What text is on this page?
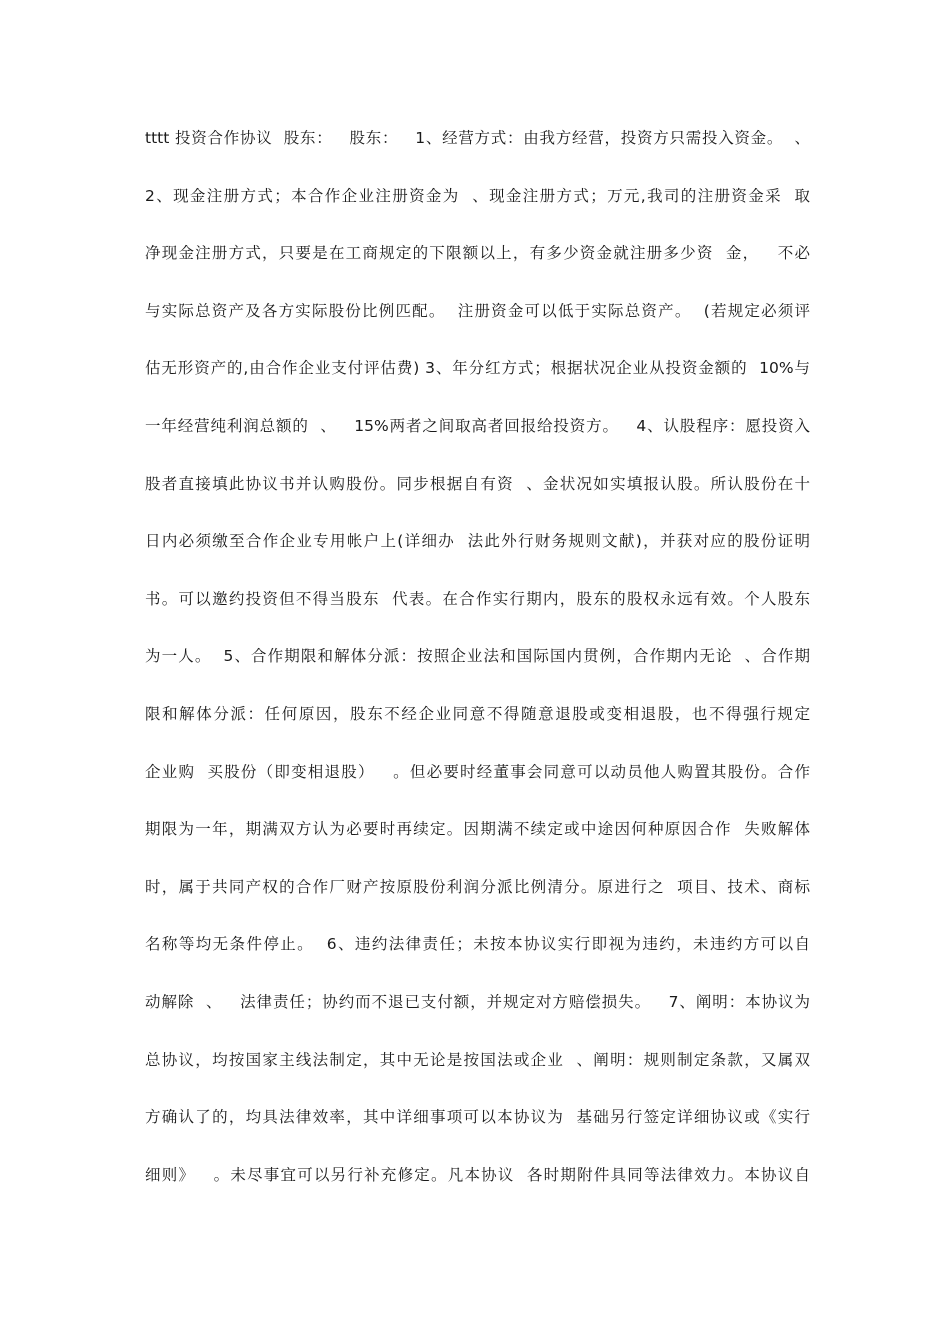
tttt 投资合作协议  股东：   股东：   1、经营方式：由我方经营，投资方只需投入资金。  、
2、现金注册方式；本合作企业注册资金为  、现金注册方式；万元,我司的注册资金采  取
净现金注册方式，只要是在工商规定的下限额以上，有多少资金就注册多少资  金，   不必
与实际总资产及各方实际股份比例匹配。  注册资金可以低于实际总资产。  (若规定必须评
估无形资产的,由合作企业支付评估费) 3、年分红方式；根据状况企业从投资金额的  10%与
一年经营纯利润总额的  、   15%两者之间取高者回报给投资方。   4、认股程序：愿投资入
股者直接填此协议书并认购股份。同步根据自有资  、金状况如实填报认股。所认股份在十
日内必须缴至合作企业专用帐户上(详细办  法此外行财务规则文献)，并获对应的股份证明
书。可以邀约投资但不得当股东  代表。在合作实行期内，股东的股权永远有效。个人股东
为一人。  5、合作期限和解体分派：按照企业法和国际国内贯例，合作期内无论  、合作期
限和解体分派：任何原因，股东不经企业同意不得随意退股或变相退股，也不得强行规定
企业购  买股份（即变相退股）   。但必要时经董事会同意可以动员他人购置其股份。合作
期限为一年，期满双方认为必要时再续定。因期满不续定或中途因何种原因合作  失败解体
时，属于共同产权的合作厂财产按原股份利润分派比例清分。原进行之  项目、技术、商标
名称等均无条件停止。  6、违约法律责任；未按本协议实行即视为违约，未违约方可以自
动解除  、   法律责任；协约而不退已支付额，并规定对方赔偿损失。   7、阐明：本协议为
总协议，均按国家主线法制定，其中无论是按国法或企业  、阐明：规则制定条款，又属双
方确认了的，均具法律效率，其中详细事项可以本协议为  基础另行签定详细协议或《实行
细则》   。未尽事宜可以另行补充修定。凡本协议  各时期附件具同等法律效力。本协议自
